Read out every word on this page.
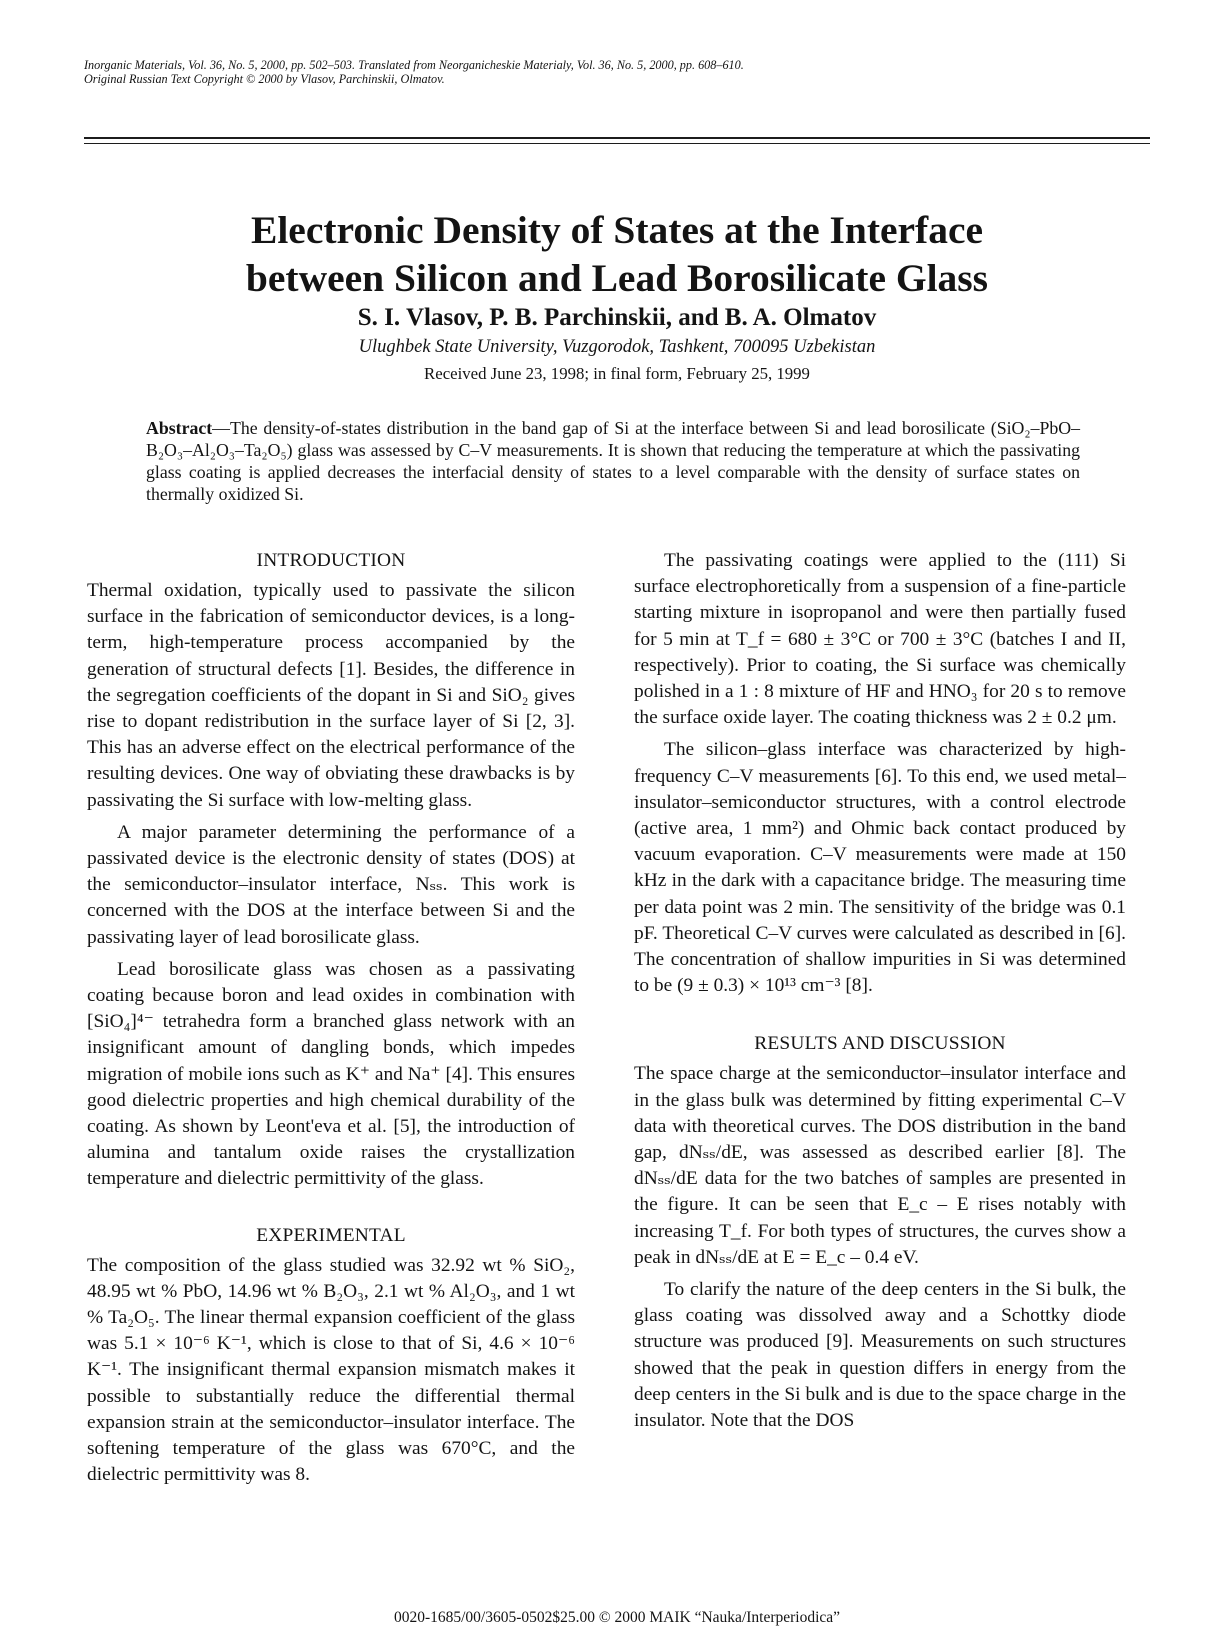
Inorganic Materials, Vol. 36, No. 5, 2000, pp. 502–503. Translated from Neorganicheskie Materialy, Vol. 36, No. 5, 2000, pp. 608–610.
Original Russian Text Copyright © 2000 by Vlasov, Parchinskii, Olmatov.
Electronic Density of States at the Interface
between Silicon and Lead Borosilicate Glass
S. I. Vlasov, P. B. Parchinskii, and B. A. Olmatov
Ulughbek State University, Vuzgorodok, Tashkent, 700095 Uzbekistan
Received June 23, 1998; in final form, February 25, 1999
Abstract—The density-of-states distribution in the band gap of Si at the interface between Si and lead borosilicate (SiO₂–PbO–B₂O₃–Al₂O₃–Ta₂O₅) glass was assessed by C–V measurements. It is shown that reducing the temperature at which the passivating glass coating is applied decreases the interfacial density of states to a level comparable with the density of surface states on thermally oxidized Si.
INTRODUCTION

Thermal oxidation, typically used to passivate the silicon surface in the fabrication of semiconductor devices, is a long-term, high-temperature process accompanied by the generation of structural defects [1]. Besides, the difference in the segregation coefficients of the dopant in Si and SiO₂ gives rise to dopant redistribution in the surface layer of Si [2, 3]. This has an adverse effect on the electrical performance of the resulting devices. One way of obviating these drawbacks is by passivating the Si surface with low-melting glass.

A major parameter determining the performance of a passivated device is the electronic density of states (DOS) at the semiconductor–insulator interface, Nₛₛ. This work is concerned with the DOS at the interface between Si and the passivating layer of lead borosilicate glass.

Lead borosilicate glass was chosen as a passivating coating because boron and lead oxides in combination with [SiO₄]⁴⁻ tetrahedra form a branched glass network with an insignificant amount of dangling bonds, which impedes migration of mobile ions such as K⁺ and Na⁺ [4]. This ensures good dielectric properties and high chemical durability of the coating. As shown by Leont'eva et al. [5], the introduction of alumina and tantalum oxide raises the crystallization temperature and dielectric permittivity of the glass.

EXPERIMENTAL

The composition of the glass studied was 32.92 wt % SiO₂, 48.95 wt % PbO, 14.96 wt % B₂O₃, 2.1 wt % Al₂O₃, and 1 wt % Ta₂O₅. The linear thermal expansion coefficient of the glass was 5.1 × 10⁻⁶ K⁻¹, which is close to that of Si, 4.6 × 10⁻⁶ K⁻¹. The insignificant thermal expansion mismatch makes it possible to substantially reduce the differential thermal expansion strain at the semiconductor–insulator interface. The softening temperature of the glass was 670°C, and the dielectric permittivity was 8.

The passivating coatings were applied to the (111) Si surface electrophoretically from a suspension of a fine-particle starting mixture in isopropanol and were then partially fused for 5 min at T_f = 680 ± 3°C or 700 ± 3°C (batches I and II, respectively). Prior to coating, the Si surface was chemically polished in a 1 : 8 mixture of HF and HNO₃ for 20 s to remove the surface oxide layer. The coating thickness was 2 ± 0.2 μm.

The silicon–glass interface was characterized by high-frequency C–V measurements [6]. To this end, we used metal–insulator–semiconductor structures, with a control electrode (active area, 1 mm²) and Ohmic back contact produced by vacuum evaporation. C–V measurements were made at 150 kHz in the dark with a capacitance bridge. The measuring time per data point was 2 min. The sensitivity of the bridge was 0.1 pF. Theoretical C–V curves were calculated as described in [6]. The concentration of shallow impurities in Si was determined to be (9 ± 0.3) × 10¹³ cm⁻³ [8].

RESULTS AND DISCUSSION

The space charge at the semiconductor–insulator interface and in the glass bulk was determined by fitting experimental C–V data with theoretical curves. The DOS distribution in the band gap, dNₛₛ/dE, was assessed as described earlier [8]. The dNₛₛ/dE data for the two batches of samples are presented in the figure. It can be seen that E_c – E rises notably with increasing T_f. For both types of structures, the curves show a peak in dNₛₛ/dE at E = E_c – 0.4 eV.

To clarify the nature of the deep centers in the Si bulk, the glass coating was dissolved away and a Schottky diode structure was produced [9]. Measurements on such structures showed that the peak in question differs in energy from the deep centers in the Si bulk and is due to the space charge in the insulator. Note that the DOS

0020-1685/00/3605-0502$25.00 © 2000 MAIK “Nauka/Interperiodica”
